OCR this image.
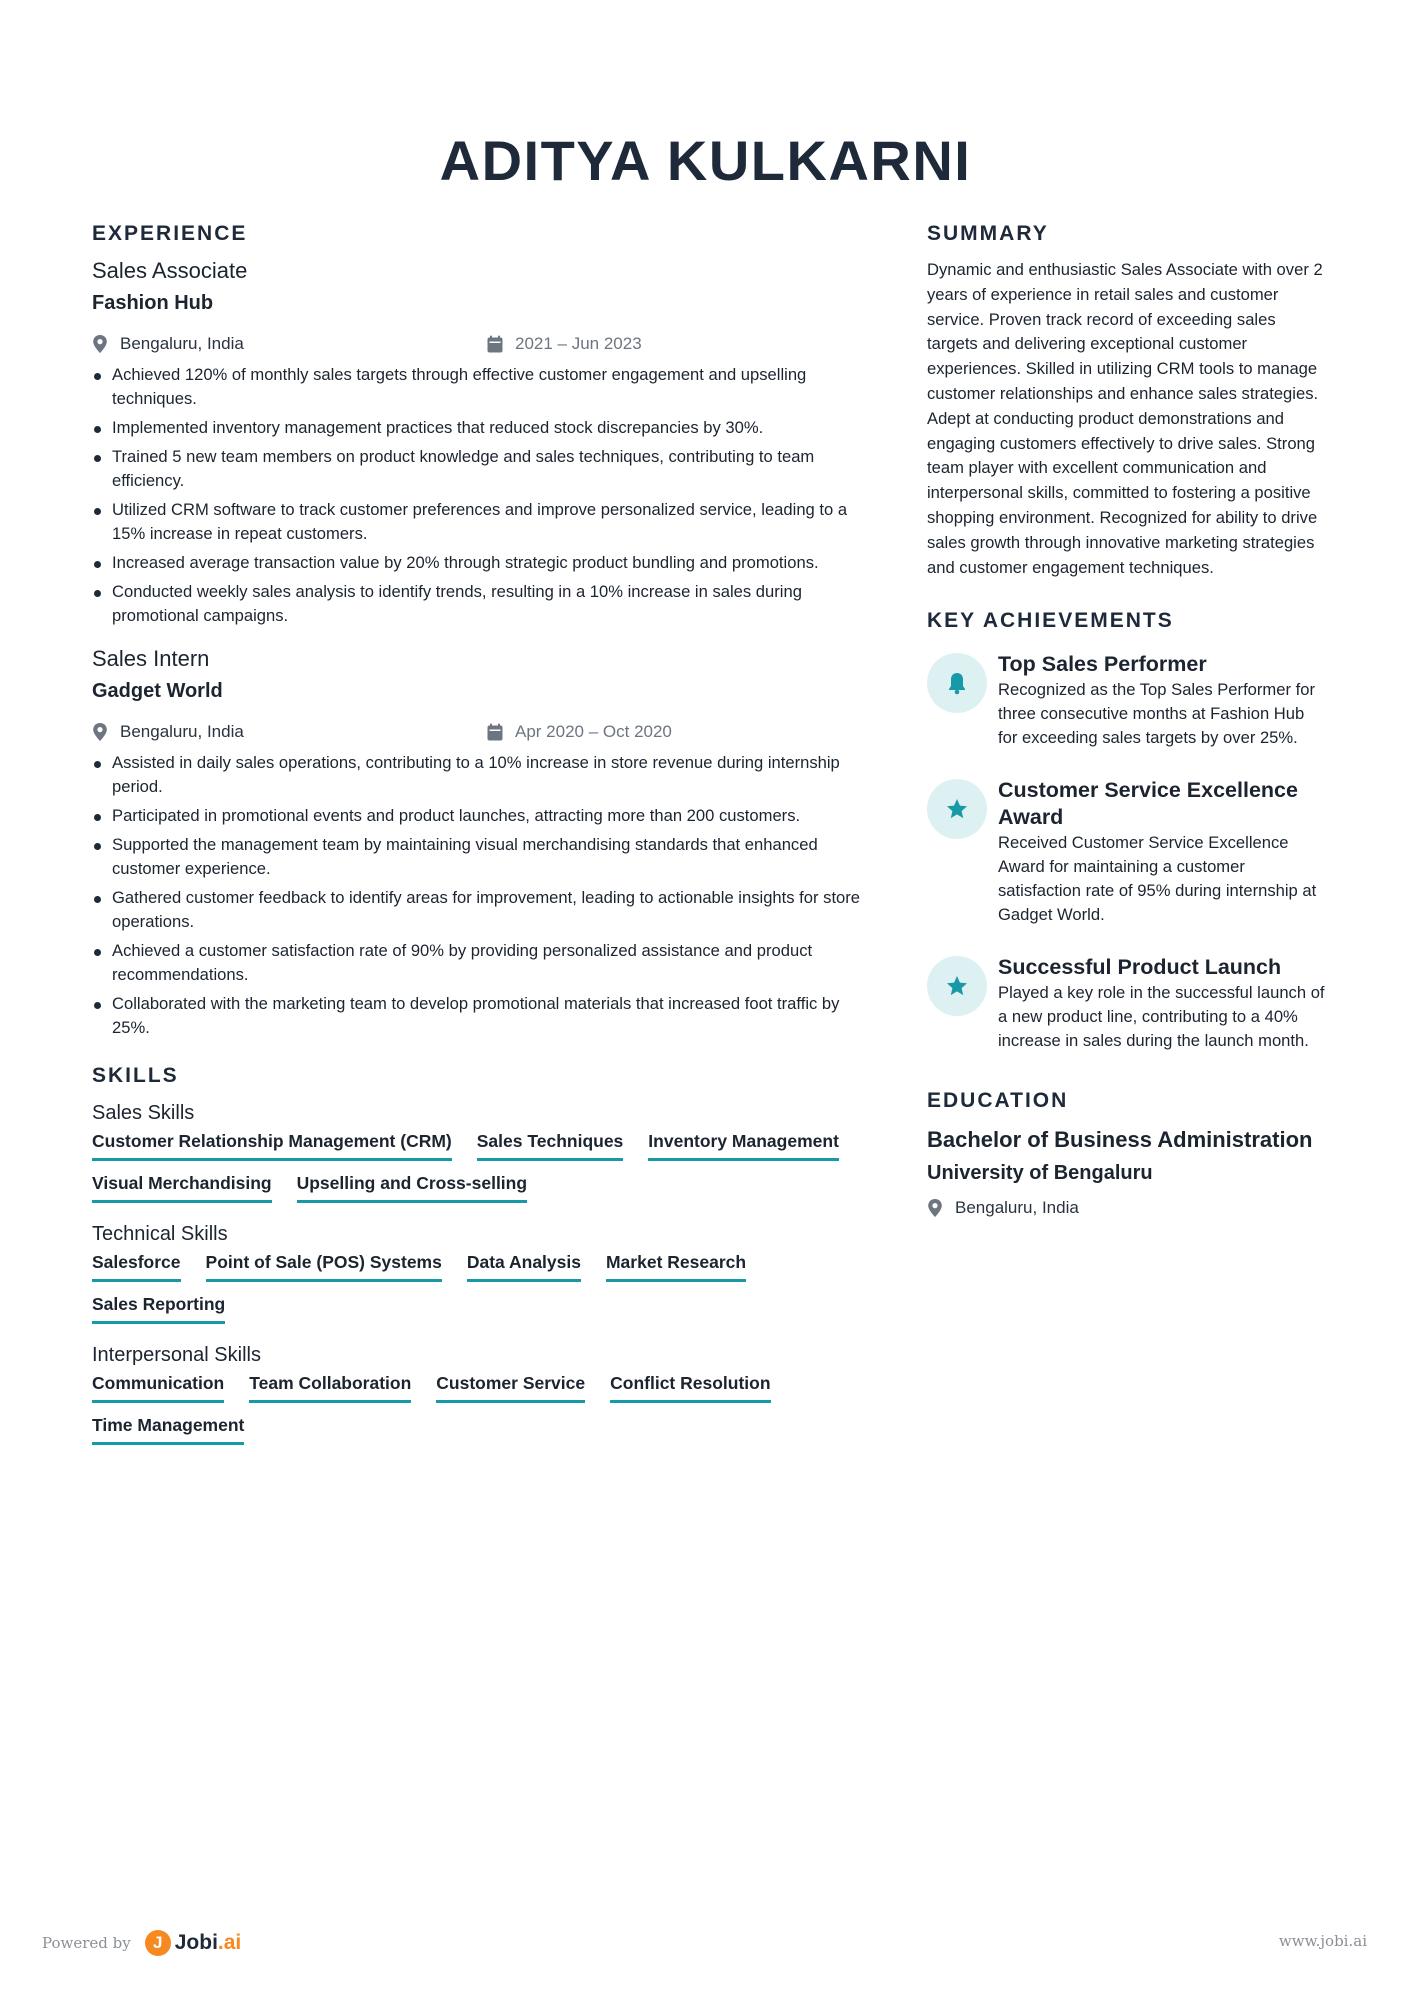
ADITYA KULKARNI
EXPERIENCE
Sales Associate
Fashion Hub
Bengaluru, India	2021 – Jun 2023
Achieved 120% of monthly sales targets through effective customer engagement and upselling techniques.
Implemented inventory management practices that reduced stock discrepancies by 30%.
Trained 5 new team members on product knowledge and sales techniques, contributing to team efficiency.
Utilized CRM software to track customer preferences and improve personalized service, leading to a 15% increase in repeat customers.
Increased average transaction value by 20% through strategic product bundling and promotions.
Conducted weekly sales analysis to identify trends, resulting in a 10% increase in sales during promotional campaigns.
Sales Intern
Gadget World
Bengaluru, India	Apr 2020 – Oct 2020
Assisted in daily sales operations, contributing to a 10% increase in store revenue during internship period.
Participated in promotional events and product launches, attracting more than 200 customers.
Supported the management team by maintaining visual merchandising standards that enhanced customer experience.
Gathered customer feedback to identify areas for improvement, leading to actionable insights for store operations.
Achieved a customer satisfaction rate of 90% by providing personalized assistance and product recommendations.
Collaborated with the marketing team to develop promotional materials that increased foot traffic by 25%.
SKILLS
Sales Skills
Customer Relationship Management (CRM) Sales Techniques Inventory Management
Visual Merchandising Upselling and Cross-selling
Technical Skills
Salesforce Point of Sale (POS) Systems Data Analysis Market Research
Sales Reporting
Interpersonal Skills
Communication Team Collaboration Customer Service Conflict Resolution
Time Management
SUMMARY
Dynamic and enthusiastic Sales Associate with over 2 years of experience in retail sales and customer service. Proven track record of exceeding sales targets and delivering exceptional customer experiences. Skilled in utilizing CRM tools to manage customer relationships and enhance sales strategies. Adept at conducting product demonstrations and engaging customers effectively to drive sales. Strong team player with excellent communication and interpersonal skills, committed to fostering a positive shopping environment. Recognized for ability to drive sales growth through innovative marketing strategies and customer engagement techniques.
KEY ACHIEVEMENTS
Top Sales Performer
Recognized as the Top Sales Performer for three consecutive months at Fashion Hub for exceeding sales targets by over 25%.
Customer Service Excellence Award
Received Customer Service Excellence Award for maintaining a customer satisfaction rate of 95% during internship at Gadget World.
Successful Product Launch
Played a key role in the successful launch of a new product line, contributing to a 40% increase in sales during the launch month.
EDUCATION
Bachelor of Business Administration
University of Bengaluru
Bengaluru, India
Powered by	J Jobi.ai	www.jobi.ai
